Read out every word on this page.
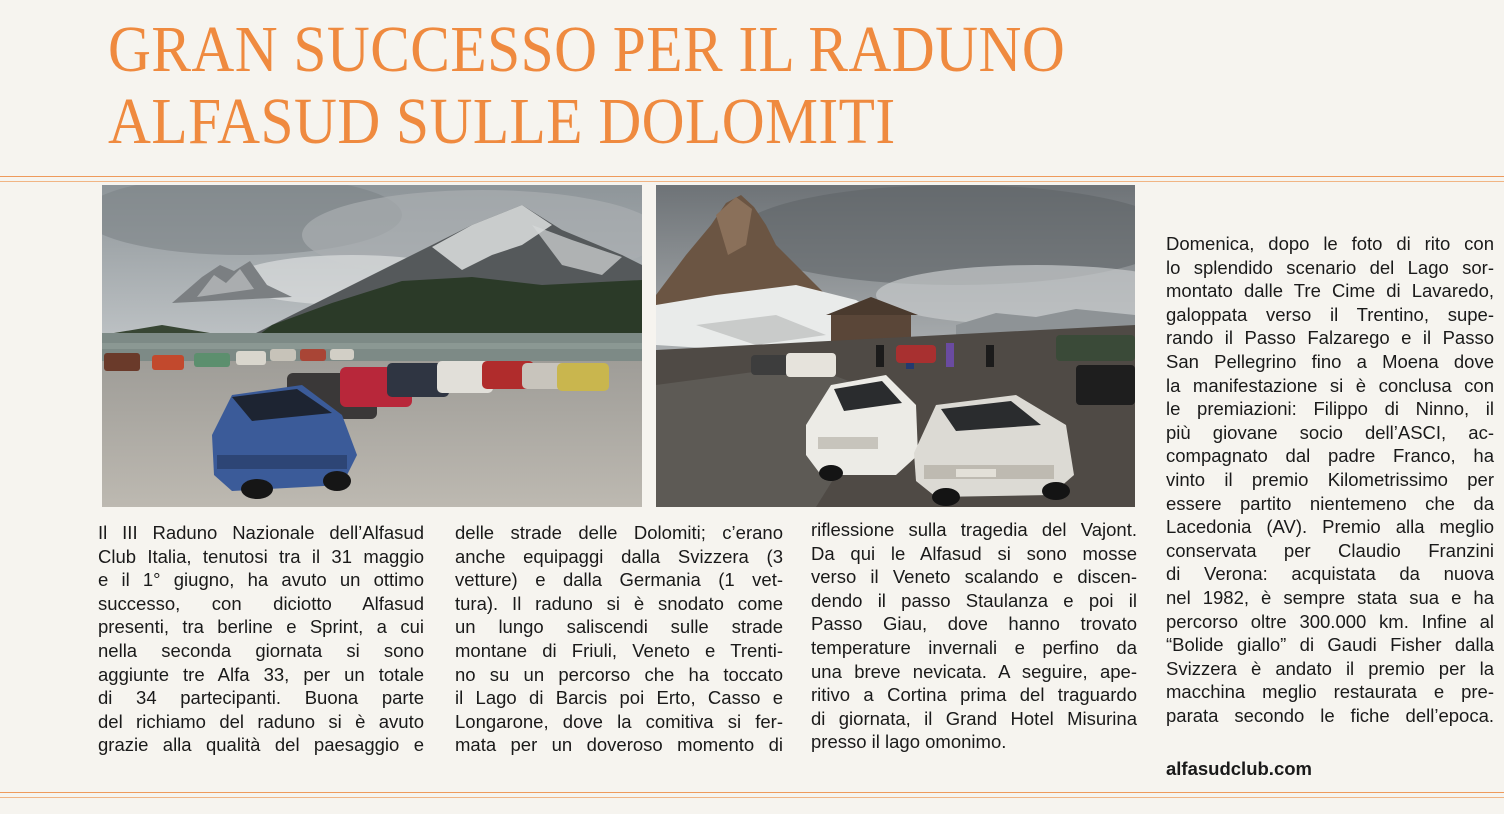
GRAN SUCCESSO PER IL RADUNO
ALFASUD SULLE DOLOMITI

Il III Raduno Nazionale dell’Alfasud
Club Italia, tenutosi tra il 31 maggio
e il 1° giugno, ha avuto un ottimo
successo, con diciotto Alfasud
presenti, tra berline e Sprint, a cui
nella seconda giornata si sono
aggiunte tre Alfa 33, per un totale
di 34 partecipanti. Buona parte
del richiamo del raduno si è avuto
grazie alla qualità del paesaggio e

delle strade delle Dolomiti; c’erano
anche equipaggi dalla Svizzera (3
vetture) e dalla Germania (1 vet-
tura). Il raduno si è snodato come
un lungo saliscendi sulle strade
montane di Friuli, Veneto e Trenti-
no su un percorso che ha toccato
il Lago di Barcis poi Erto, Casso e
Longarone, dove la comitiva si fer-
mata per un doveroso momento di

riflessione sulla tragedia del Vajont.
Da qui le Alfasud si sono mosse
verso il Veneto scalando e discen-
dendo il passo Staulanza e poi il
Passo Giau, dove hanno trovato
temperature invernali e perfino da
una breve nevicata. A seguire, ape-
ritivo a Cortina prima del traguardo
di giornata, il Grand Hotel Misurina
presso il lago omonimo.

Domenica, dopo le foto di rito con
lo splendido scenario del Lago sor-
montato dalle Tre Cime di Lavaredo,
galoppata verso il Trentino, supe-
rando il Passo Falzarego e il Passo
San Pellegrino fino a Moena dove
la manifestazione si è conclusa con
le premiazioni: Filippo di Ninno, il
più giovane socio dell’ASCI, ac-
compagnato dal padre Franco, ha
vinto il premio Kilometrissimo per
essere partito nientemeno che da
Lacedonia (AV). Premio alla meglio
conservata per Claudio Franzini
di Verona: acquistata da nuova
nel 1982, è sempre stata sua e ha
percorso oltre 300.000 km. Infine al
“Bolide giallo” di Gaudi Fisher dalla
Svizzera è andato il premio per la
macchina meglio restaurata e pre-
parata secondo le fiche dell’epoca.

alfasudclub.com
